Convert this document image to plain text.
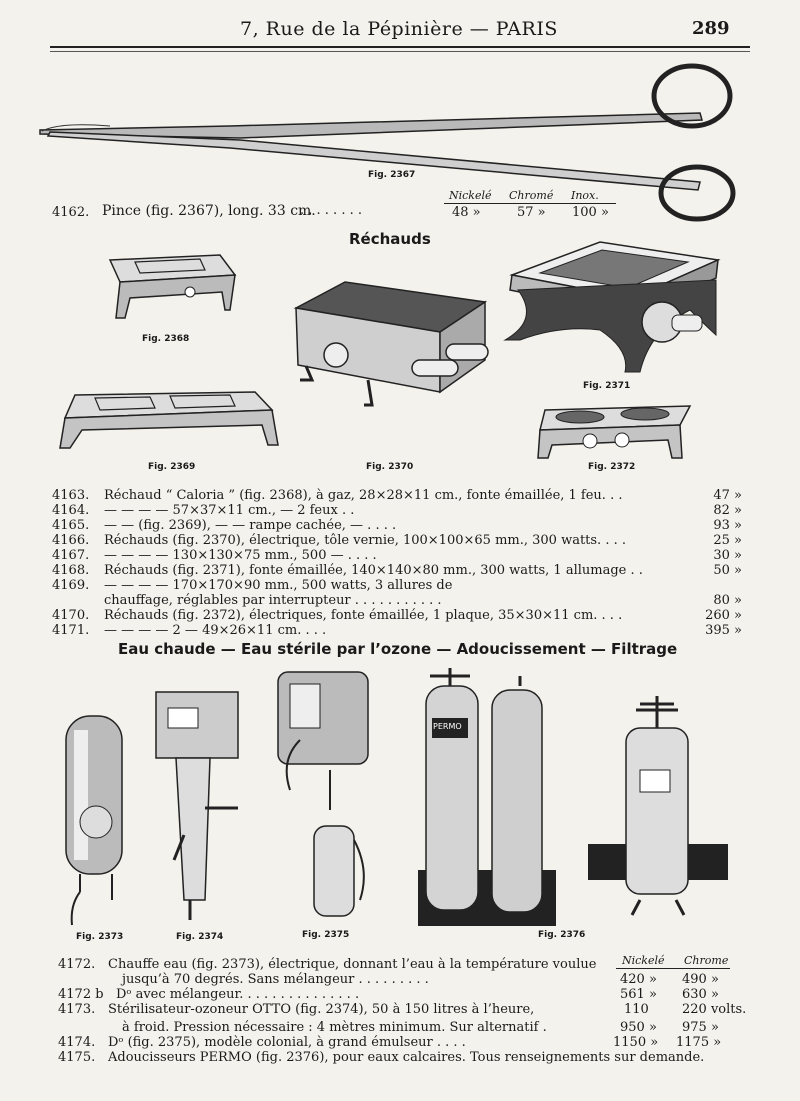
7, Rue de la Pépinière — PARIS	289
Fig. 2367
4162. Pince (fig. 2367), long. 33 cm.
. . . . . . . .
Nickelé Chromé Inox.
48 »	57 » 100 »
Réchauds
Fig. 2368
Fig. 2369	Fig. 2370
Fig. 2371
Fig. 2372
4163. Réchaud “ Caloria ” (fig. 2368), à gaz, 28×28×11 cm., fonte émaillée, 1 feu. . .	47 »
4164. — — — — 57×37×11 cm., — 2 feux . .	82 »
4165. — — (fig. 2369), — — rampe cachée, — . . . .	93 »
4166. Réchauds (fig. 2370), électrique, tôle vernie, 100×100×65 mm., 300 watts. . . .	25 »
4167. — — — — 130×130×75 mm., 500 — . . . .	30 »
4168. Réchauds (fig. 2371), fonte émaillée, 140×140×80 mm., 300 watts, 1 allumage . .	50 »
4169. — — — — 170×170×90 mm., 500 watts, 3 allures de
chauffage, réglables par interrupteur . . . . . . . . . . .	80 »
4170. Réchauds (fig. 2372), électriques, fonte émaillée, 1 plaque, 35×30×11 cm. . . .	260 »
4171. — — — — 2 — 49×26×11 cm. . . .	395 »
Eau chaude — Eau stérile par l’ozone — Adoucissement — Filtrage
PERMO
Fig. 2373	Fig. 2374	Fig. 2375	Fig. 2376
Nickelé Chrome
4172. Chauffe eau (fig. 2373), électrique, donnant l’eau à la température voulue
jusqu’à 70 degrés. Sans mélangeur . . . . . . . . .	420 » 490 »
4172 b Dᵒ avec mélangeur. . . . . . . . . . . . . . .	561 » 630 »
4173. Stérilisateur-ozoneur OTTO (fig. 2374), 50 à 150 litres à l’heure,	110	220 volts.
à froid. Pression nécessaire : 4 mètres minimum. Sur alternatif .	950 » 975 »
4174. Dᵒ (fig. 2375), modèle colonial, à grand émulseur . . . .	1150 » 1175 »
4175. Adoucisseurs PERMO (fig. 2376), pour eaux calcaires. Tous renseignements sur demande.
